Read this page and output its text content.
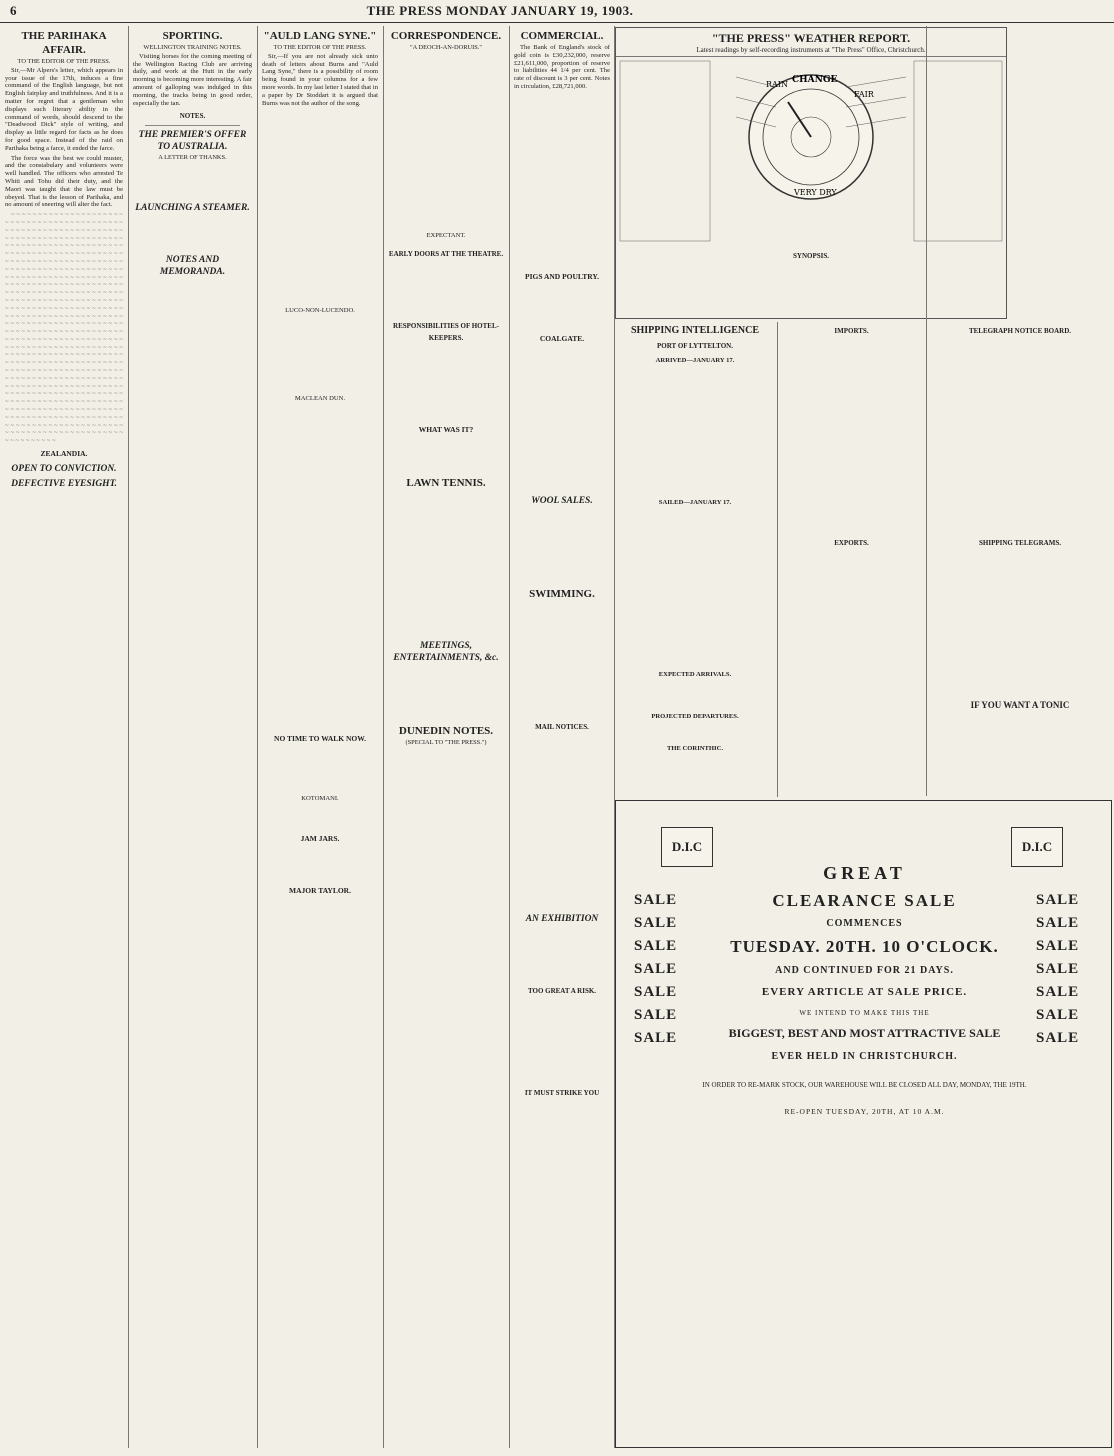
6	THE PRESS MONDAY JANUARY 19, 1903.
THE PARIHAKA AFFAIR.
TO THE EDITOR OF THE PRESS.

Sir,—Mr Alpers's letter, which appears in your issue of the 17th, induces a fine command of the English language, but not English fairplay and truthfulness. And it is a matter for regret that a gentleman who displays such literary ability in the command of words, should descend to the "Deadwood Dick" style of writing, and display as little regard for facts as he does for good space. Instead of the raid on Parihaka being a farce, it ended the farce.

The force was the best we could muster, and the constabulary and volunteers were well handled. The officers who arrested Te Whiti and Tohu did their duty, and the Maori was taught that the law must be obeyed. That is the lesson of Parihaka, and no amount of sneering will alter the fact.

~ ~ ~ ~ ~ ~ ~ ~ ~ ~ ~ ~ ~ ~ ~ ~ ~ ~ ~ ~ ~ ~ ~ ~ ~ ~ ~ ~ ~ ~ ~ ~ ~ ~ ~ ~ ~ ~ ~ ~ ~ ~ ~ ~ ~ ~ ~ ~ ~ ~ ~ ~ ~ ~ ~ ~ ~ ~ ~ ~ ~ ~ ~ ~ ~ ~ ~ ~ ~ ~ ~ ~ ~ ~ ~ ~ ~ ~ ~ ~ ~ ~ ~ ~ ~ ~ ~ ~ ~ ~ ~ ~ ~ ~ ~ ~ ~ ~ ~ ~ ~ ~ ~ ~ ~ ~ ~ ~ ~ ~ ~ ~ ~ ~ ~ ~ ~ ~ ~ ~ ~ ~ ~ ~ ~ ~ ~ ~ ~ ~ ~ ~ ~ ~ ~ ~ ~ ~ ~ ~ ~ ~ ~ ~ ~ ~ ~ ~ ~ ~ ~ ~ ~ ~ ~ ~ ~ ~ ~ ~ ~ ~ ~ ~ ~ ~ ~ ~ ~ ~ ~ ~ ~ ~ ~ ~ ~ ~ ~ ~ ~ ~ ~ ~ ~ ~ ~ ~ ~ ~ ~ ~ ~ ~ ~ ~ ~ ~ ~ ~ ~ ~ ~ ~ ~ ~ ~ ~ ~ ~ ~ ~ ~ ~ ~ ~ ~ ~ ~ ~ ~ ~ ~ ~ ~ ~ ~ ~ ~ ~ ~ ~ ~ ~ ~ ~ ~ ~ ~ ~ ~ ~ ~ ~ ~ ~ ~ ~ ~ ~ ~ ~ ~ ~ ~ ~ ~ ~ ~ ~ ~ ~ ~ ~ ~ ~ ~ ~ ~ ~ ~ ~ ~ ~ ~ ~ ~ ~ ~ ~ ~ ~ ~ ~ ~ ~ ~ ~ ~ ~ ~ ~ ~ ~ ~ ~ ~ ~ ~ ~ ~ ~ ~ ~ ~ ~ ~ ~ ~ ~ ~ ~ ~ ~ ~ ~ ~ ~ ~ ~ ~ ~ ~ ~ ~ ~ ~ ~ ~ ~ ~ ~ ~ ~ ~ ~ ~ ~ ~ ~ ~ ~ ~ ~ ~ ~ ~ ~ ~ ~ ~ ~ ~ ~ ~ ~ ~ ~ ~ ~ ~ ~ ~ ~ ~ ~ ~ ~ ~ ~ ~ ~ ~ ~ ~ ~ ~ ~ ~ ~ ~ ~ ~ ~ ~ ~ ~ ~ ~ ~ ~ ~ ~ ~ ~ ~ ~ ~ ~ ~ ~ ~ ~ ~ ~ ~ ~ ~ ~ ~ ~ ~ ~ ~ ~ ~ ~ ~ ~ ~ ~ ~ ~ ~ ~ ~ ~ ~ ~ ~ ~ ~ ~ ~ ~ ~ ~ ~ ~ ~ ~ ~ ~ ~ ~ ~ ~ ~ ~ ~ ~ ~ ~ ~ ~ ~ ~ ~ ~ ~ ~ ~ ~ ~ ~ ~ ~ ~ ~ ~ ~ ~ ~ ~ ~ ~ ~ ~ ~ ~ ~ ~ ~ ~ ~ ~ ~ ~ ~ ~ ~ ~ ~ ~ ~ ~ ~ ~ ~ ~ ~ ~ ~ ~ ~ ~ ~ ~ ~ ~ ~ ~ ~ ~ ~ ~ ~ ~ ~ ~ ~ ~ ~ ~ ~ ~ ~ ~ ~ ~ ~ ~ ~ ~ ~ ~ ~ ~ ~ ~ ~ ~ ~ ~ ~ ~ ~ ~ ~ ~ ~ ~ ~ ~ ~ ~ ~ ~ ~ ~ ~ ~ ~ ~ ~ ~ ~ ~ ~ ~ ~ ~ ~ ~ ~ ~ ~ ~ ~ ~ ~ ~ ~ ~ ~ ~ ~ ~ ~ ~ ~ ~ ~ ~ ~ ~ ~ ~ ~ ~ ~ ~ ~ ~ ~ ~ ~ ~ ~ ~ ~ ~ ~ ~ ~ ~ ~ ~ ~ ~ ~ ~ ~ ~ ~ ~ ~ ~ ~ ~ ~ ~ ~ ~ ~ ~ ~ ~ ~ ~ ~ ~ ~ ~ ~ ~ ~

ZEALANDIA.
OPEN TO CONVICTION.
DEFECTIVE EYESIGHT.
SPORTING.
WELLINGTON TRAINING NOTES.

Visiting horses for the coming meeting of the Wellington Racing Club are arriving daily, and work at the Hutt in the early morning is becoming more interesting. A fair amount of galloping was indulged in this morning, the tracks being in good order, especially the tan.

NOTES.
THE PREMIER'S OFFER TO AUSTRALIA.
A LETTER OF THANKS.
LAUNCHING A STEAMER.
NOTES AND MEMORANDA.
"AULD LANG SYNE."
TO THE EDITOR OF THE PRESS.

Sir,—If you are not already sick unto death of letters about Burns and "Auld Lang Syne," there is a possibility of room being found in your columns for a few more words. In my last letter I stated that in a paper by Dr Stoddart it is argued that Burns was not the author of the song.

LUCO-NON-LUCENDO.
MACLEAN DUN.
NO TIME TO WALK NOW.
KOTOMANI.
JAM JARS.
MAJOR TAYLOR.
CORRESPONDENCE.
"A DEOCH-AN-DORUIS."
EXPECTANT.
EARLY DOORS AT THE THEATRE.
RESPONSIBILITIES OF HOTEL-KEEPERS.
WHAT WAS IT?
LAWN TENNIS.
MEETINGS, ENTERTAINMENTS, &c.
DUNEDIN NOTES.
(SPECIAL TO "THE PRESS.")
COMMERCIAL.

The Bank of England's stock of gold coin is £30,232,000, reserve £21,611,000, proportion of reserve to liabilities 44 1/4 per cent. The rate of discount is 3 per cent. Notes in circulation, £28,721,000.

PIGS AND POULTRY.
COALGATE.
WOOL SALES.
SWIMMING.
MAIL NOTICES.
AN EXHIBITION
TOO GREAT A RISK.
IT MUST STRIKE YOU
"THE PRESS" WEATHER REPORT.
Latest readings by self-recording instruments at "The Press" Office, Christchurch.
RAIN CHANGE
FAIR
VERY DRY
SYNOPSIS.
SHIPPING INTELLIGENCE
PORT OF LYTTELTON.
ARRIVED—JANUARY 17.
SAILED—JANUARY 17.
EXPECTED ARRIVALS.
PROJECTED DEPARTURES.
THE CORINTHIC.
IMPORTS.
EXPORTS.
TELEGRAPH NOTICE BOARD.
SHIPPING TELEGRAMS.
IF YOU WANT A TONIC
D.I.C	D.I.C
SALE
SALE
SALE
SALE
SALE
SALE
SALE
SALE
SALE
SALE
SALE
SALE
SALE
SALE
GREAT
CLEARANCE SALE
COMMENCES
TUESDAY. 20TH. 10 O'CLOCK.
AND CONTINUED FOR 21 DAYS.
EVERY ARTICLE AT SALE PRICE.
WE INTEND TO MAKE THIS THE
BIGGEST, BEST AND MOST ATTRACTIVE SALE
EVER HELD IN CHRISTCHURCH.
IN ORDER TO RE-MARK STOCK, OUR WAREHOUSE WILL BE CLOSED ALL DAY, MONDAY, THE 19TH.
RE-OPEN TUESDAY, 20TH, AT 10 A.M.
